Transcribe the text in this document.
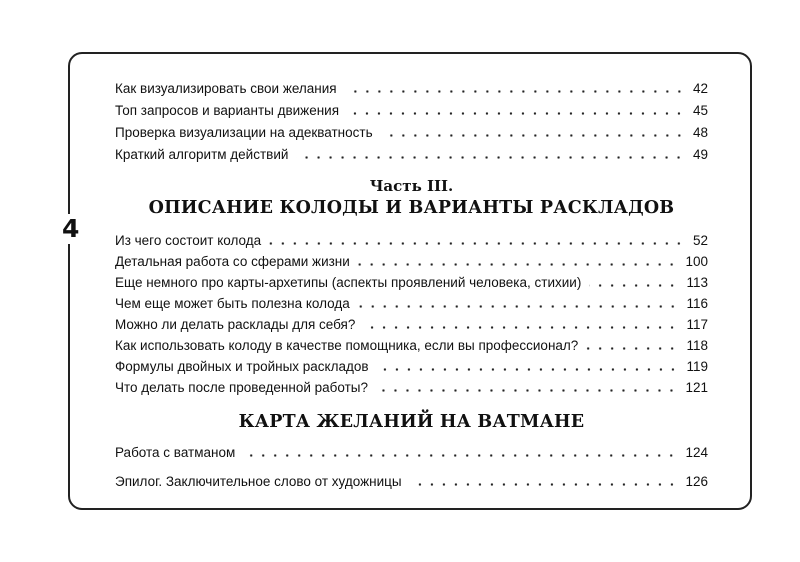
4
Как визуализировать свои желания	42
Топ запросов и варианты движения	45
Проверка визуализации на адекватность	48
Краткий алгоритм действий	49
Часть III.
ОПИСАНИЕ КОЛОДЫ И ВАРИАНТЫ РАСКЛАДОВ
Из чего состоит колода	52
Детальная работа со сферами жизни	100
Еще немного про карты-архетипы (аспекты проявлений человека, стихии)	113
Чем еще может быть полезна колода	116
Можно ли делать расклады для себя?	117
Как использовать колоду в качестве помощника, если вы профессионал?	118
Формулы двойных и тройных раскладов	119
Что делать после проведенной работы?	121
КАРТА ЖЕЛАНИЙ НА ВАТМАНЕ
Работа с ватманом	124
Эпилог. Заключительное слово от художницы	126
